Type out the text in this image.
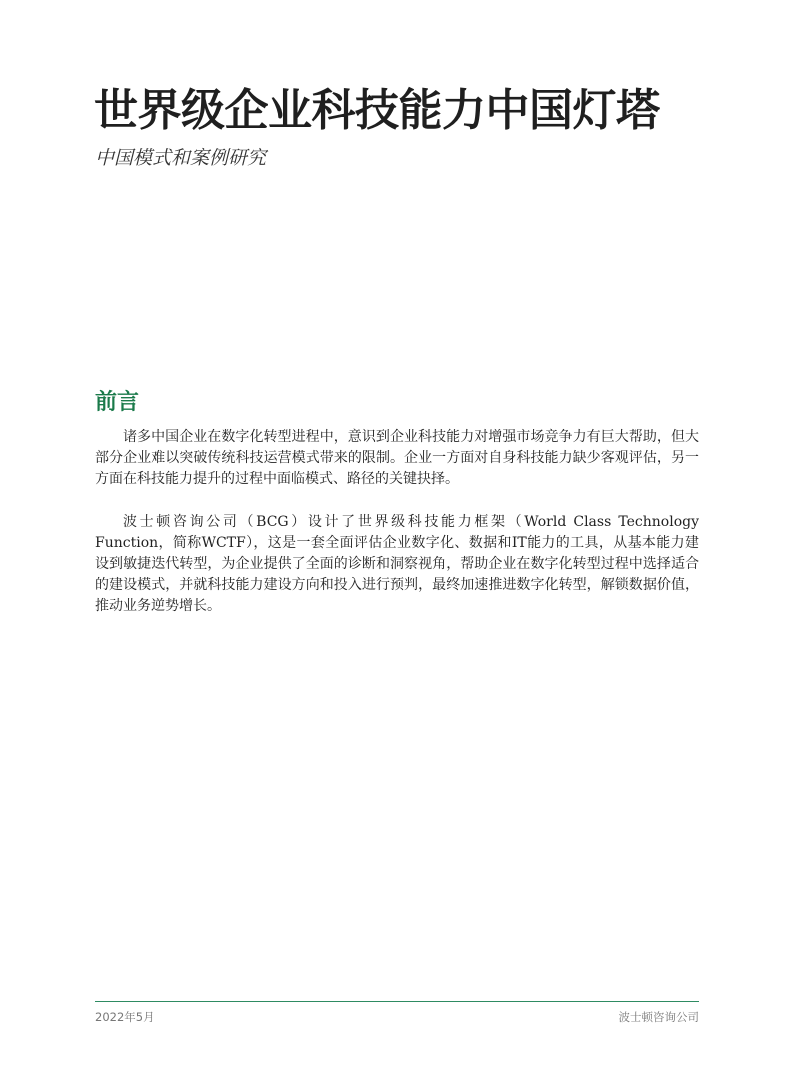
世界级企业科技能力中国灯塔

中国模式和案例研究

前言

诸多中国企业在数字化转型进程中，意识到企业科技能力对增强市场竞争力有巨大帮助，但大部分企业难以突破传统科技运营模式带来的限制。企业一方面对自身科技能力缺少客观评估，另一方面在科技能力提升的过程中面临模式、路径的关键抉择。

波士顿咨询公司（BCG）设计了世界级科技能力框架（World Class Technology Function，简称WCTF），这是一套全面评估企业数字化、数据和IT能力的工具，从基本能力建设到敏捷迭代转型，为企业提供了全面的诊断和洞察视角，帮助企业在数字化转型过程中选择适合的建设模式，并就科技能力建设方向和投入进行预判，最终加速推进数字化转型，解锁数据价值，推动业务逆势增长。

2022年5月	波士顿咨询公司
